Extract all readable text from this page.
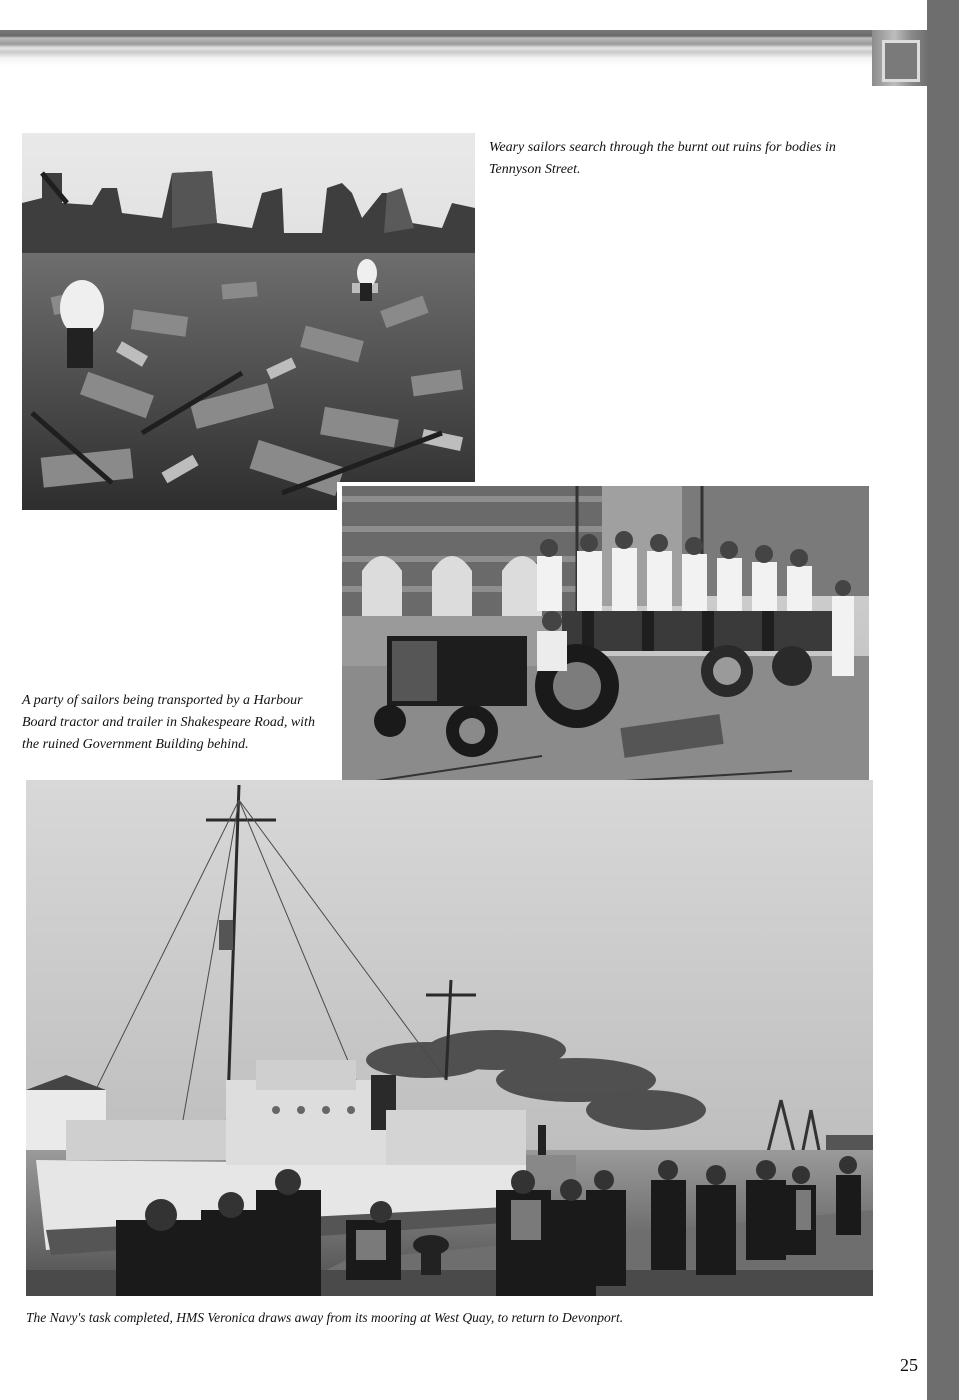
Weary sailors search through the burnt out ruins for bodies in Tennyson Street.

A party of sailors being transported by a Harbour Board tractor and trailer in Shakespeare Road, with the ruined Government Building behind.

The Navy's task completed, HMS Veronica draws away from its mooring at West Quay, to return to Devonport.

25
